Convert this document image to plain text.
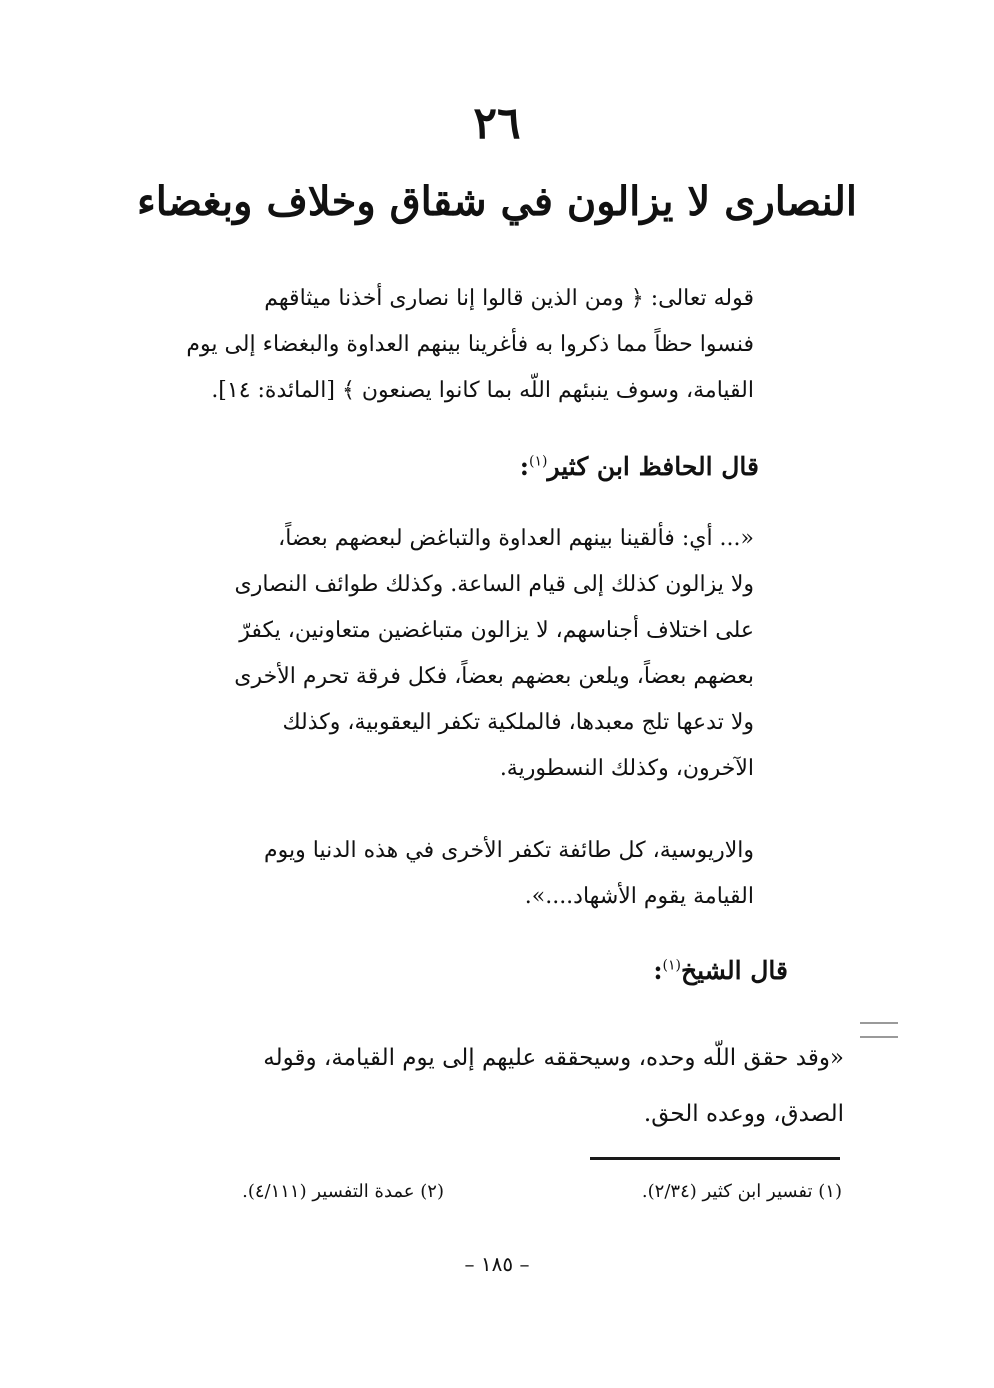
٢٦
النصارى لا يزالون في شقاق وخلاف وبغضاء
قوله تعالى: ﴿ ومن الذين قالوا إنا نصارى أخذنا ميثاقهم
فنسوا حظاً مما ذكروا به فأغرينا بينهم العداوة والبغضاء إلى يوم
القيامة، وسوف ينبئهم اللّه بما كانوا يصنعون ﴾ [المائدة: ١٤].
قال الحافظ ابن كثير$^{(١)}$:
«... أي: فألقينا بينهم العداوة والتباغض لبعضهم بعضاً،
ولا يزالون كذلك إلى قيام الساعة. وكذلك طوائف النصارى
على اختلاف أجناسهم، لا يزالون متباغضين متعاونين، يكفرّ
بعضهم بعضاً، ويلعن بعضهم بعضاً، فكل فرقة تحرم الأخرى
ولا تدعها تلج معبدها، فالملكية تكفر اليعقوبية، وكذلك
الآخرون، وكذلك النسطورية.
والاريوسية، كل طائفة تكفر الأخرى في هذه الدنيا ويوم
القيامة يقوم الأشهاد....».
قال الشيخ$^{(١)}$:
«وقد حقق اللّه وحده، وسيحققه عليهم إلى يوم القيامة، وقوله
الصدق، ووعده الحق.
(١) تفسير ابن كثير (٢/٣٤).
(٢) عمدة التفسير (٤/١١١).
– ١٨٥ –
